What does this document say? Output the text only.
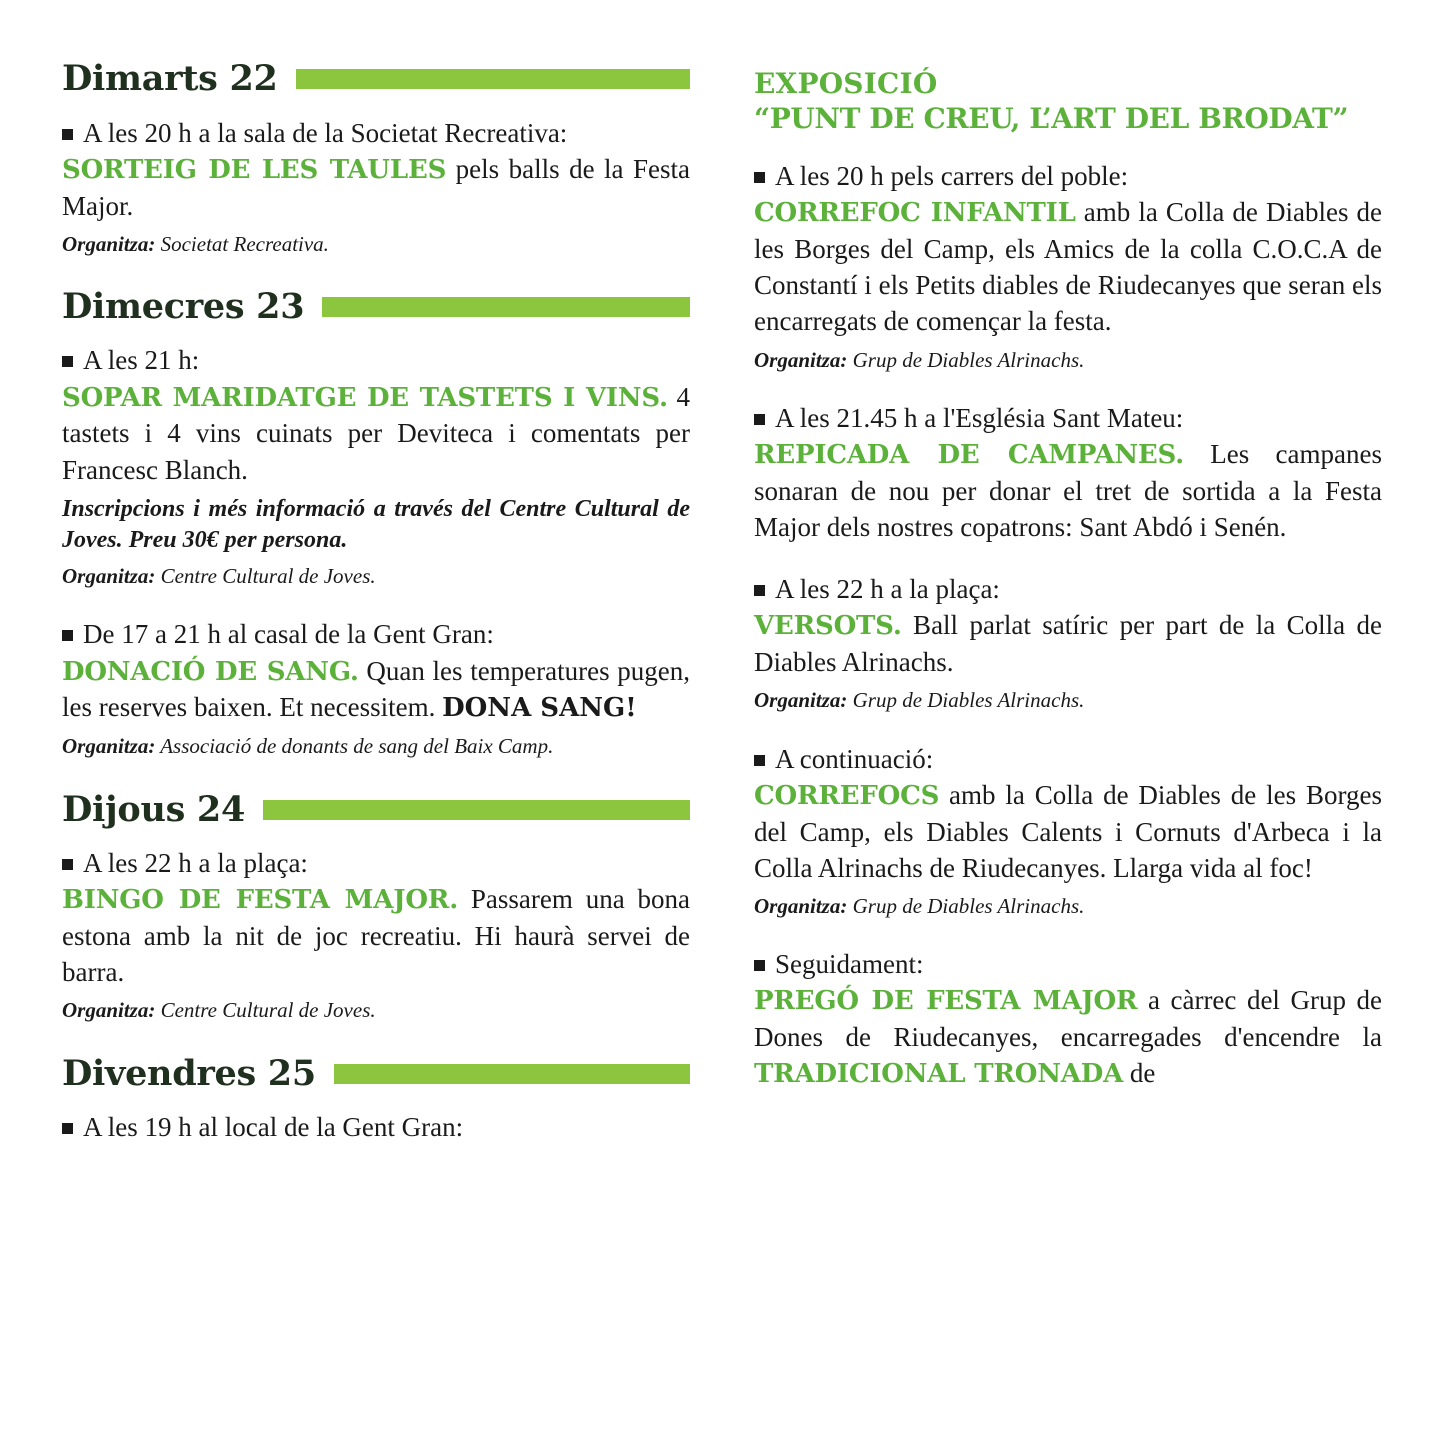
Dimarts 22

A les 20 h a la sala de la Societat Recreativa:
SORTEIG DE LES TAULES pels balls de la Festa Major.

Organitza: Societat Recreativa.

Dimecres 23

A les 21 h:

SOPAR MARIDATGE DE TASTETS I VINS. 4 tastets i 4 vins cuinats per Deviteca i comentats per Francesc Blanch.

Inscripcions i més informació a través del Centre Cultural de Joves. Preu 30€ per persona.

Organitza: Centre Cultural de Joves.

De 17 a 21 h al casal de la Gent Gran:
DONACIÓ DE SANG. Quan les temperatures pugen, les reserves baixen. Et necessitem. DONA SANG!

Organitza: Associació de donants de sang del Baix Camp.

Dijous 24

A les 22 h a la plaça:
BINGO DE FESTA MAJOR. Passarem una bona estona amb la nit de joc recreatiu. Hi haurà servei de barra.

Organitza: Centre Cultural de Joves.

Divendres 25

A les 19 h al local de la Gent Gran:

EXPOSICIÓ
“PUNT DE CREU, L’ART DEL BRODAT”

A les 20 h pels carrers del poble:
CORREFOC INFANTIL amb la Colla de Diables de les Borges del Camp, els Amics de la colla C.O.C.A de Constantí i els Petits diables de Riudecanyes que seran els encarregats de començar la festa.

Organitza: Grup de Diables Alrinachs.

A les 21.45 h a l'Església Sant Mateu:

REPICADA DE CAMPANES. Les campanes sonaran de nou per donar el tret de sortida a la Festa Major dels nostres copatrons: Sant Abdó i Senén.

A les 22 h a la plaça:
VERSOTS. Ball parlat satíric per part de la Colla de Diables Alrinachs.

Organitza: Grup de Diables Alrinachs.

A continuació:
CORREFOCS amb la Colla de Diables de les Borges del Camp, els Diables Calents i Cornuts d'Arbeca i la Colla Alrinachs de Riudecanyes. Llarga vida al foc!

Organitza: Grup de Diables Alrinachs.

Seguidament:
PREGÓ DE FESTA MAJOR a càrrec del Grup de Dones de Riudecanyes, encarregades d'encendre la TRADICIONAL TRONADA de
